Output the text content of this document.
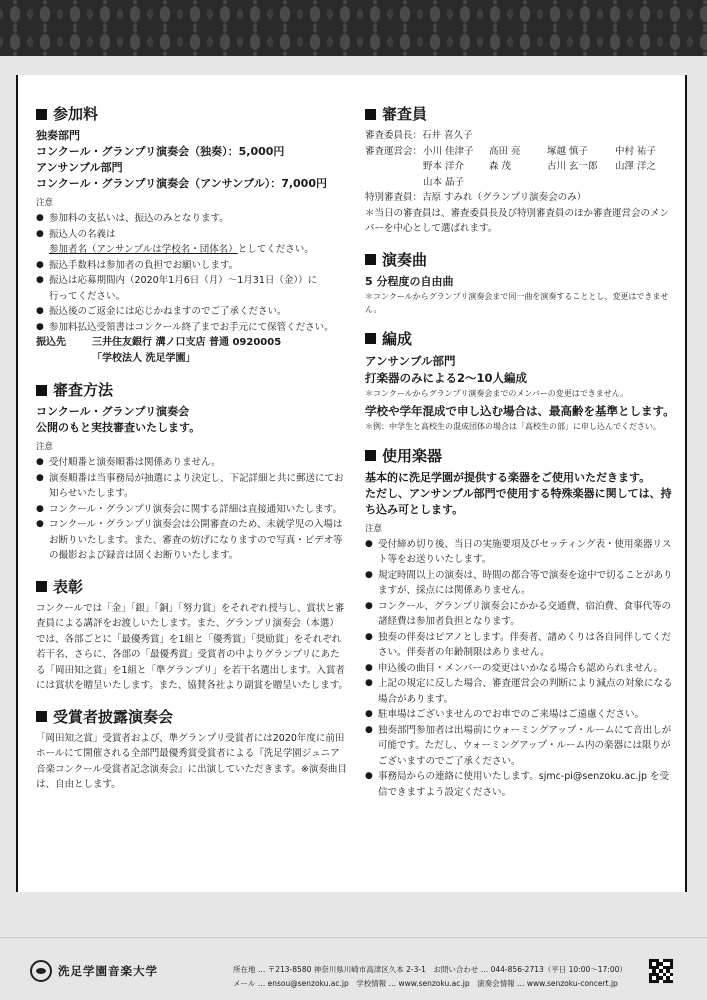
参加料
独奏部門
コンクール・グランプリ演奏会（独奏）：5,000円
アンサンブル部門
コンクール・グランプリ演奏会（アンサンブル）：7,000円
注意
● 参加料の支払いは、振込のみとなります。
● 振込人の名義は
参加者名（アンサンブルは学校名・団体名）としてください。
● 振込手数料は参加者の負担でお願いします。
● 振込は応募期間内（2020年1月6日（月）～1月31日（金））に
行ってください。
● 振込後のご返金には応じかねますのでご了承ください。
● 参加料払込受領書はコンクール終了までお手元にて保管ください。
振込先	三井住友銀行 溝ノ口支店 普通 0920005
「学校法人 洗足学園」
審査方法
コンクール・グランプリ演奏会
公開のもと実技審査いたします。
注意
● 受付順番と演奏順番は関係ありません。
● 演奏順番は当事務局が抽選により決定し、下記詳細と共に郵送にてお知らせいたします。
● コンクール・グランプリ演奏会に関する詳細は直接通知いたします。
● コンクール・グランプリ演奏会は公開審査のため、未就学児の入場はお断りいたします。また、審査の妨げになりますので写真・ビデオ等の撮影および録音は固くお断りいたします。
表彰
コンクールでは「金」「銀」「銅」「努力賞」をそれぞれ授与し、賞状と審査員による講評をお渡しいたします。また、グランプリ演奏会（本選）では、各部ごとに「最優秀賞」を1組と「優秀賞」「奨励賞」をそれぞれ若干名、さらに、各部の「最優秀賞」受賞者の中よりグランプリにあたる「岡田知之賞」を1組と「準グランプリ」を若干名選出します。入賞者には賞状を贈呈いたします。また、協賛各社より副賞を贈呈いたします。
受賞者披露演奏会
「岡田知之賞」受賞者および、準グランプリ受賞者には2020年度に前田ホールにて開催される全部門最優秀賞受賞者による『洗足学園ジュニア音楽コンクール受賞者記念演奏会』に出演していただきます。※演奏曲目は、自由とします。
審査員
審査委員長： 石井 喜久子
審査運営会： 小川 佳津子	高田 亮	塚越 慎子	中村 祐子
野本 洋介	森 茂	古川 玄一郎	山澤 洋之
山本 晶子
特別審査員： 吉原 すみれ（グランプリ演奏会のみ）
＊当日の審査員は、審査委員長及び特別審査員のほか審査運営会のメンバーを中心として選ばれます。
演奏曲
5 分程度の自由曲
＊コンクールからグランプリ演奏会まで同一曲を演奏することとし、変更はできません。
編成
アンサンブル部門
打楽器のみによる2～10人編成
＊コンクールからグランプリ演奏会までのメンバーの変更はできません。
学校や学年混成で申し込む場合は、最高齢を基準とします。
＊例：中学生と高校生の混成団体の場合は「高校生の部」に申し込んでください。
使用楽器
基本的に洗足学園が提供する楽器をご使用いただきます。
ただし、アンサンブル部門で使用する特殊楽器に関しては、持ち込み可とします。
注意
● 受付締め切り後、当日の実施要項及びセッティング表・使用楽器リスト等をお送りいたします。
● 規定時間以上の演奏は、時間の都合等で演奏を途中で切ることがありますが、採点には関係ありません。
● コンクール、グランプリ演奏会にかかる交通費、宿泊費、食事代等の諸経費は参加者負担となります。
● 独奏の伴奏はピアノとします。伴奏者、譜めくりは各自同伴してください。伴奏者の年齢制限はありません。
● 申込後の曲目・メンバーの変更はいかなる場合も認められません。
● 上記の規定に反した場合、審査運営会の判断により減点の対象になる場合があります。
● 駐車場はございませんのでお車でのご来場はご遠慮ください。
● 独奏部門参加者は出場前にウォーミングアップ・ルームにて音出しが可能です。ただし、ウォーミングアップ・ルーム内の楽器には限りがございますのでご了承ください。
● 事務局からの連絡に使用いたします。sjmc-pi@senzoku.ac.jp を受信できますよう設定ください。
洗足学園音楽大学	所在地 … 〒213-8580 神奈川県川崎市高津区久本 2-3-1　お問い合わせ … 044-856-2713（平日 10:00～17:00）
メール … ensou@senzoku.ac.jp　学校情報 … www.senzoku.ac.jp　演奏会情報 … www.senzoku-concert.jp
